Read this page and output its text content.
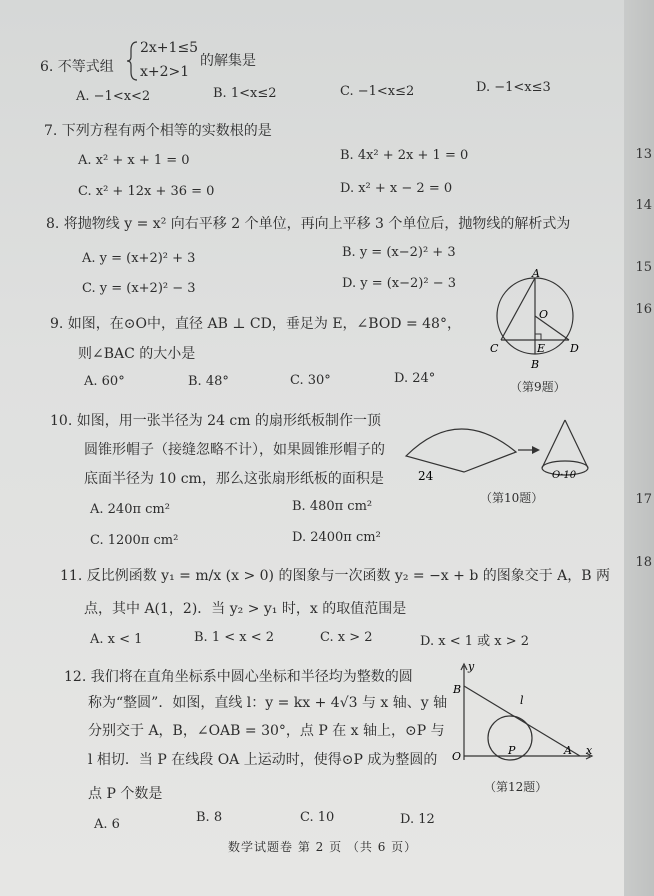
13
14
15
16
17
18
6. 不等式组
2x+1≤5
x+2>1
的解集是
A. −1<x<2	B. 1<x≤2	C. −1<x≤2	D. −1<x≤3
7. 下列方程有两个相等的实数根的是
A. x² + x + 1 = 0	B. 4x² + 2x + 1 = 0
C. x² + 12x + 36 = 0	D. x² + x − 2 = 0
8. 将抛物线 y = x² 向右平移 2 个单位，再向上平移 3 个单位后，抛物线的解析式为
A. y = (x+2)² + 3	B. y = (x−2)² + 3
C. y = (x+2)² − 3	D. y = (x−2)² − 3
9. 如图，在⊙O中，直径 AB ⊥ CD，垂足为 E，∠BOD = 48°，
则∠BAC 的大小是
A. 60°	B. 48°	C. 30°	D. 24°
A
O
C	E D
B
（第9题）
10. 如图，用一张半径为 24 cm 的扇形纸板制作一顶
圆锥形帽子（接缝忽略不计），如果圆锥形帽子的
底面半径为 10 cm，那么这张扇形纸板的面积是
A. 240π cm²	B. 480π cm²
C. 1200π cm²	D. 2400π cm²
24	O·10
（第10题）
11. 反比例函数 y₁ = m/x (x > 0) 的图象与一次函数 y₂ = −x + b 的图象交于 A，B 两
点，其中 A(1，2)．当 y₂ > y₁ 时，x 的取值范围是
A. x < 1	B. 1 < x < 2	C. x > 2	D. x < 1 或 x > 2
12. 我们将在直角坐标系中圆心坐标和半径均为整数的圆
称为“整圆”．如图，直线 l：y = kx + 4√3 与 x 轴、y 轴
分别交于 A，B，∠OAB = 30°，点 P 在 x 轴上，⊙P 与
l 相切．当 P 在线段 OA 上运动时，使得⊙P 成为整圆的
点 P 个数是
A. 6	B. 8	C. 10	D. 12
y
B
l
O	P	A x
（第12题）
数学试题卷 第 2 页 （共 6 页）
